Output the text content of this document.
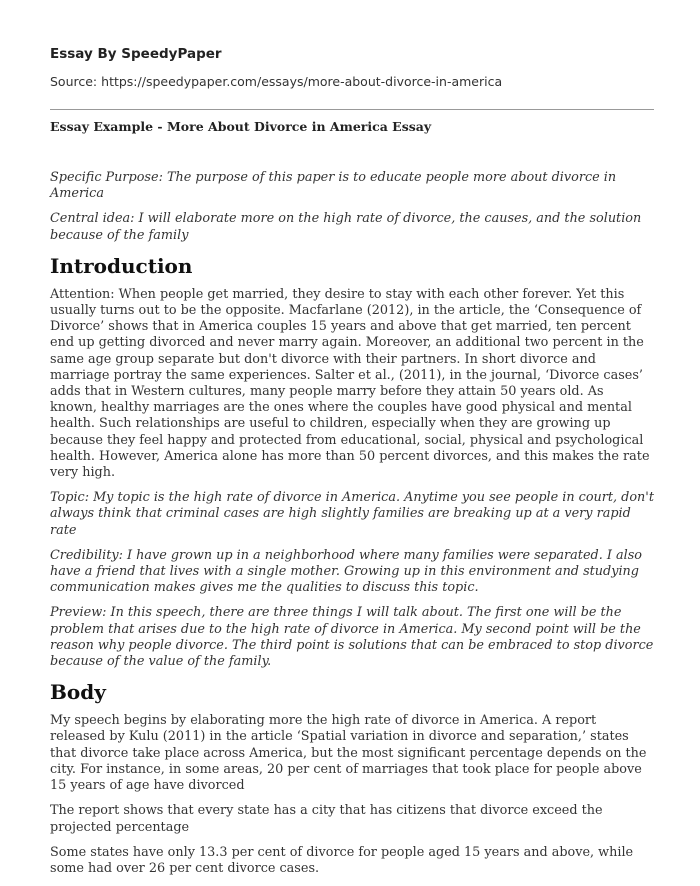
Essay By SpeedyPaper
Source: https://speedypaper.com/essays/more-about-divorce-in-america
Essay Example - More About Divorce in America Essay

Specific Purpose: The purpose of this paper is to educate people more about divorce in America

Central idea: I will elaborate more on the high rate of divorce, the causes, and the solution because of the family

Introduction

Attention: When people get married, they desire to stay with each other forever. Yet this usually turns out to be the opposite. Macfarlane (2012), in the article, the ‘Consequence of Divorce’ shows that in America couples 15 years and above that get married, ten percent end up getting divorced and never marry again. Moreover, an additional two percent in the same age group separate but don't divorce with their partners. In short divorce and marriage portray the same experiences. Salter et al., (2011), in the journal, ‘Divorce cases’ adds that in Western cultures, many people marry before they attain 50 years old. As known, healthy marriages are the ones where the couples have good physical and mental health. Such relationships are useful to children, especially when they are growing up because they feel happy and protected from educational, social, physical and psychological health. However, America alone has more than 50 percent divorces, and this makes the rate very high.

Topic: My topic is the high rate of divorce in America. Anytime you see people in court, don't always think that criminal cases are high slightly families are breaking up at a very rapid rate

Credibility: I have grown up in a neighborhood where many families were separated. I also have a friend that lives with a single mother. Growing up in this environment and studying communication makes gives me the qualities to discuss this topic.

Preview: In this speech, there are three things I will talk about. The first one will be the problem that arises due to the high rate of divorce in America. My second point will be the reason why people divorce. The third point is solutions that can be embraced to stop divorce because of the value of the family.

Body

My speech begins by elaborating more the high rate of divorce in America. A report released by Kulu (2011) in the article ‘Spatial variation in divorce and separation,’ states that divorce take place across America, but the most significant percentage depends on the city. For instance, in some areas, 20 per cent of marriages that took place for people above 15 years of age have divorced

The report shows that every state has a city that has citizens that divorce exceed the projected percentage

Some states have only 13.3 per cent of divorce for people aged 15 years and above, while some had over 26 per cent divorce cases.
